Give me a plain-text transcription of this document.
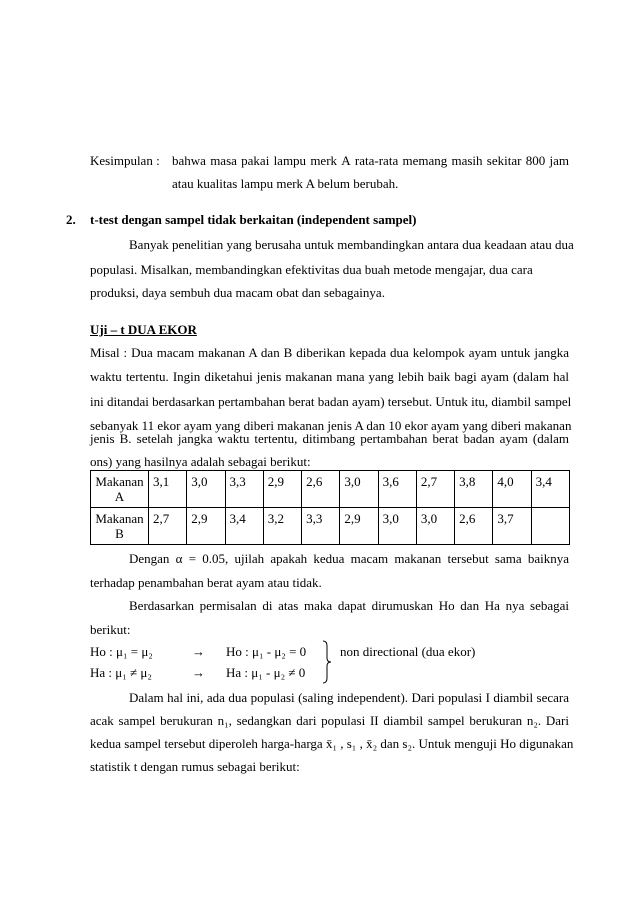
Kesimpulan : bahwa masa pakai lampu merk A rata-rata memang masih sekitar 800 jam
atau kualitas lampu merk A belum berubah.
2. t-test dengan sampel tidak berkaitan (independent sampel)
Banyak penelitian yang berusaha untuk membandingkan antara dua keadaan atau dua
populasi. Misalkan, membandingkan efektivitas dua buah metode mengajar, dua cara
produksi, daya sembuh dua macam obat dan sebagainya.
Uji – t DUA EKOR
Misal : Dua macam makanan A dan B diberikan kepada dua kelompok ayam untuk jangka
waktu tertentu. Ingin diketahui jenis makanan mana yang lebih baik bagi ayam (dalam hal
ini ditandai berdasarkan pertambahan berat badan ayam) tersebut. Untuk itu, diambil sampel
sebanyak 11 ekor ayam yang diberi makanan jenis A dan 10 ekor ayam yang diberi makanan
jenis B. setelah jangka waktu tertentu, ditimbang pertambahan berat badan ayam (dalam
ons) yang hasilnya adalah sebagai berikut:
Makanan A	3,1	3,0	3,3	2,9	2,6	3,0	3,6	2,7	3,8	4,0	3,4
Makanan B	2,7	2,9	3,4	3,2	3,3	2,9	3,0	3,0	2,6	3,7	
Dengan α = 0.05, ujilah apakah kedua macam makanan tersebut sama baiknya
terhadap penambahan berat ayam atau tidak.
Berdasarkan permisalan di atas maka dapat dirumuskan Ho dan Ha nya sebagai
berikut:
Ho : μ₁ = μ₂	→ Ho : μ₁ - μ₂ = 0
Ha : μ₁ ≠ μ₂	→ Ha : μ₁ - μ₂ ≠ 0
non directional (dua ekor)
Dalam hal ini, ada dua populasi (saling independent). Dari populasi I diambil secara
acak sampel berukuran n₁, sedangkan dari populasi II diambil sampel berukuran n₂. Dari
kedua sampel tersebut diperoleh harga-harga x̄₁ , s₁ , x̄₂ dan s₂. Untuk menguji Ho digunakan
statistik t dengan rumus sebagai berikut:
